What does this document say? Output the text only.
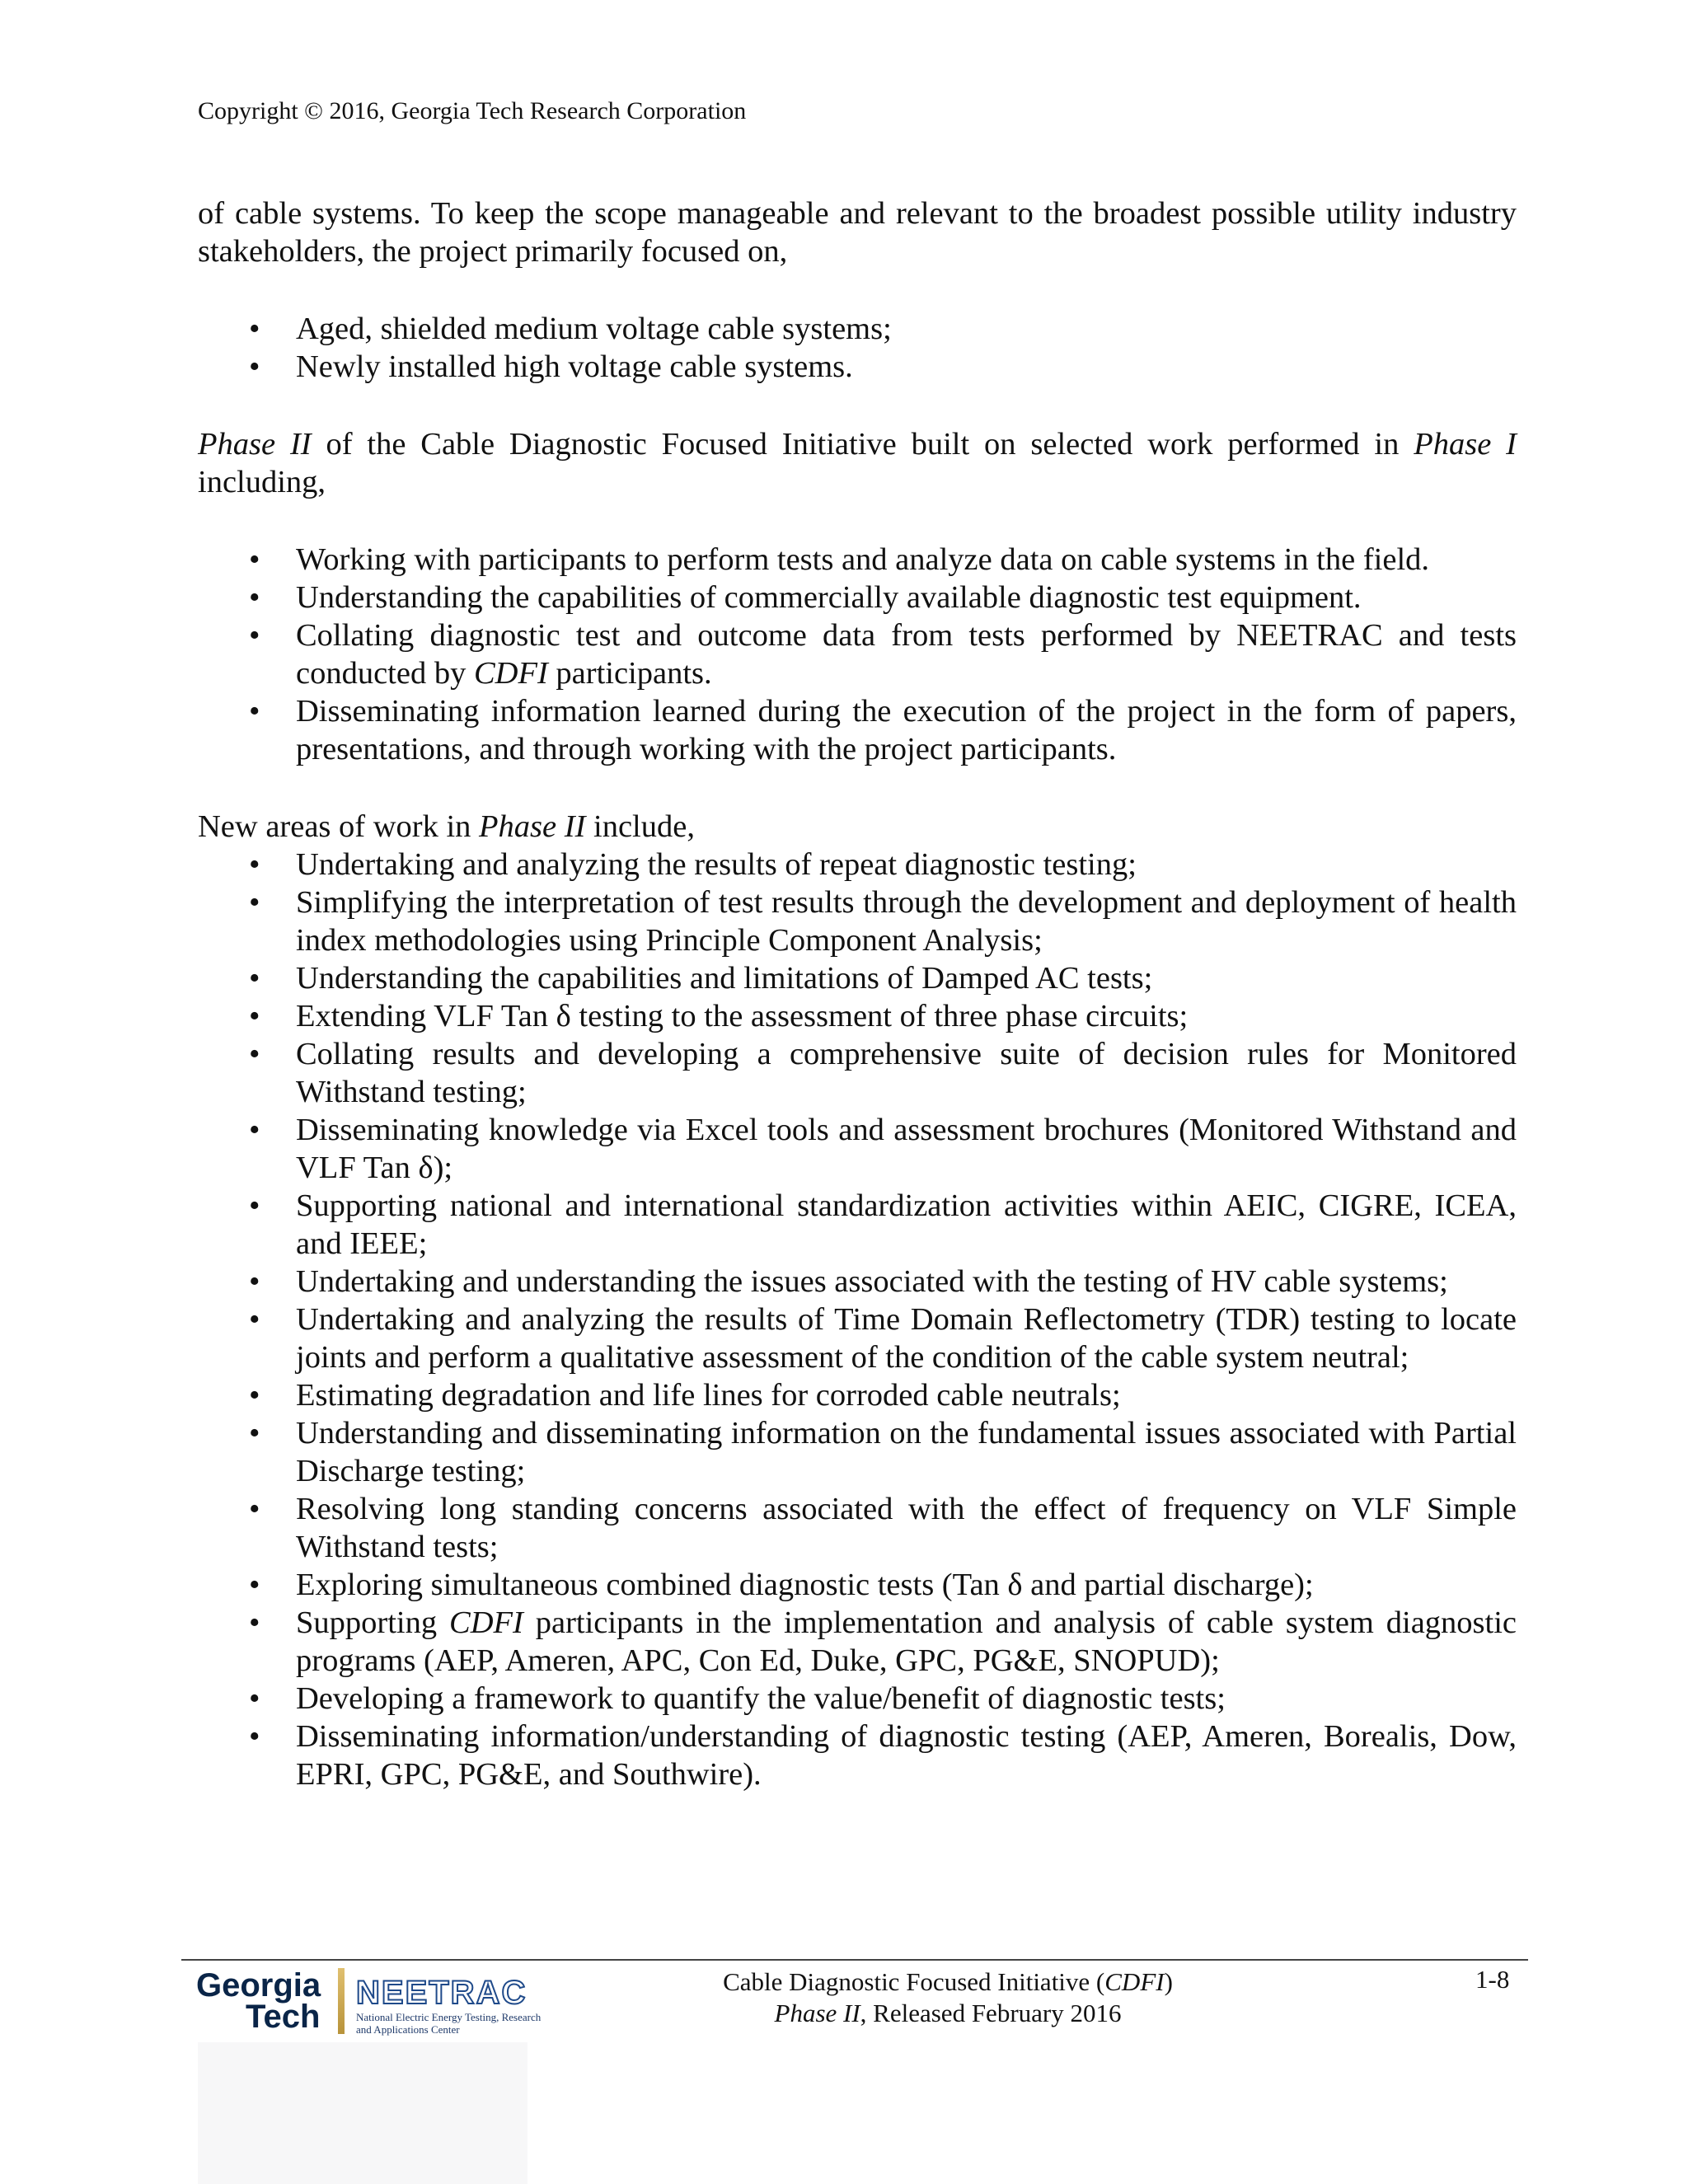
Copyright © 2016, Georgia Tech Research Corporation

of cable systems. To keep the scope manageable and relevant to the broadest possible utility industry stakeholders, the project primarily focused on,

• Aged, shielded medium voltage cable systems;
• Newly installed high voltage cable systems.

Phase II of the Cable Diagnostic Focused Initiative built on selected work performed in Phase I including,

• Working with participants to perform tests and analyze data on cable systems in the field.
• Understanding the capabilities of commercially available diagnostic test equipment.
• Collating diagnostic test and outcome data from tests performed by NEETRAC and tests conducted by CDFI participants.
• Disseminating information learned during the execution of the project in the form of papers, presentations, and through working with the project participants.

New areas of work in Phase II include,

• Undertaking and analyzing the results of repeat diagnostic testing;
• Simplifying the interpretation of test results through the development and deployment of health index methodologies using Principle Component Analysis;
• Understanding the capabilities and limitations of Damped AC tests;
• Extending VLF Tan δ testing to the assessment of three phase circuits;
• Collating results and developing a comprehensive suite of decision rules for Monitored Withstand testing;
• Disseminating knowledge via Excel tools and assessment brochures (Monitored Withstand and VLF Tan δ);
• Supporting national and international standardization activities within AEIC, CIGRE, ICEA, and IEEE;
• Undertaking and understanding the issues associated with the testing of HV cable systems;
• Undertaking and analyzing the results of Time Domain Reflectometry (TDR) testing to locate joints and perform a qualitative assessment of the condition of the cable system neutral;
• Estimating degradation and life lines for corroded cable neutrals;
• Understanding and disseminating information on the fundamental issues associated with Partial Discharge testing;
• Resolving long standing concerns associated with the effect of frequency on VLF Simple Withstand tests;
• Exploring simultaneous combined diagnostic tests (Tan δ and partial discharge);
• Supporting CDFI participants in the implementation and analysis of cable system diagnostic programs (AEP, Ameren, APC, Con Ed, Duke, GPC, PG&E, SNOPUD);
• Developing a framework to quantify the value/benefit of diagnostic tests;
• Disseminating information/understanding of diagnostic testing (AEP, Ameren, Borealis, Dow, EPRI, GPC, PG&E, and Southwire).
Georgia
Tech
NEETRAC
National Electric Energy Testing, Research and Applications Center
Cable Diagnostic Focused Initiative (CDFI)
Phase II, Released February 2016
1-8
